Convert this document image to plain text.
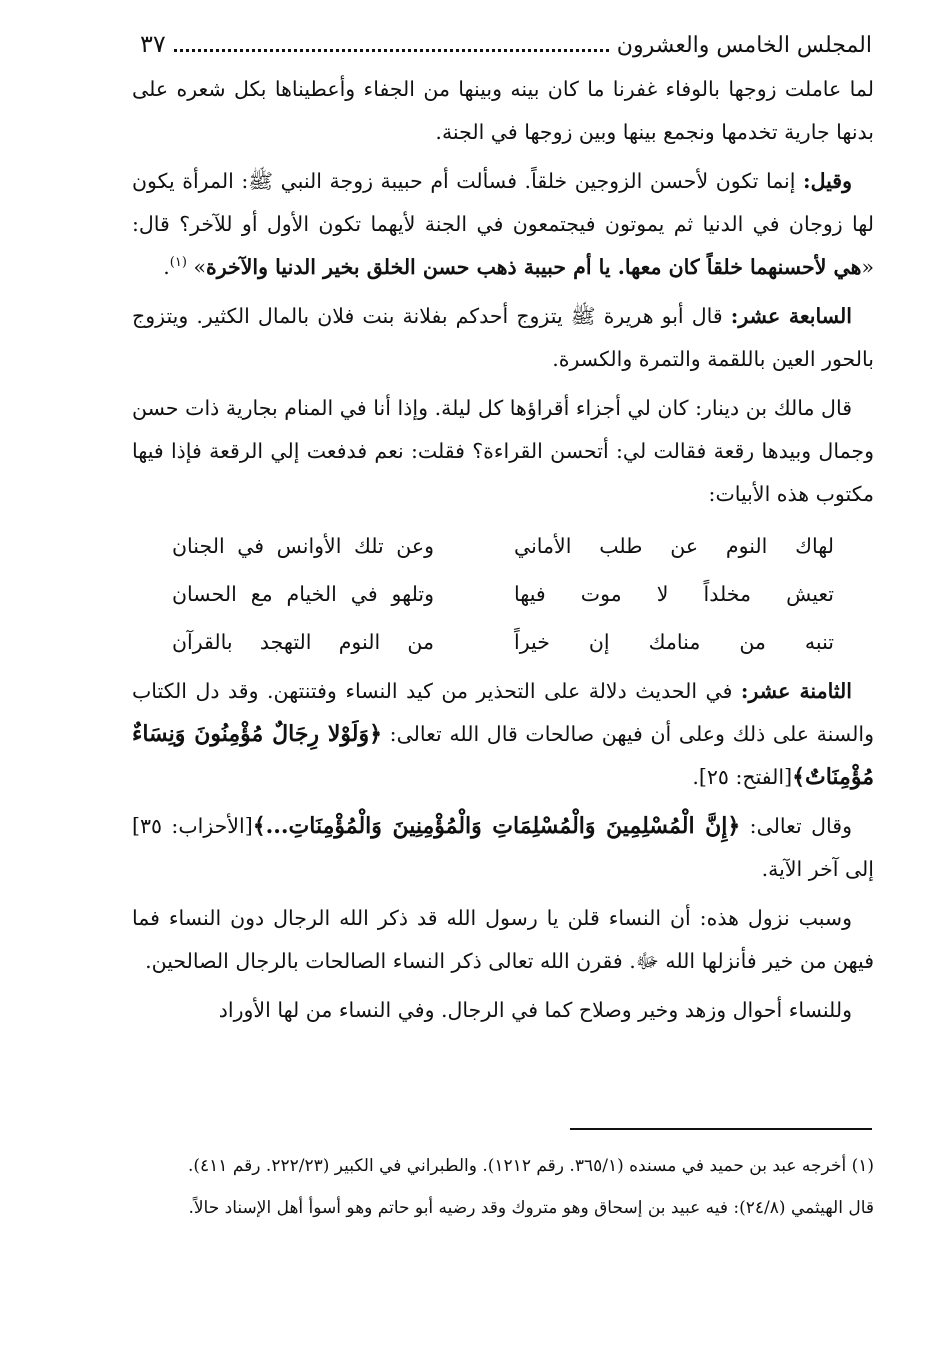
المجلس الخامس والعشرون
٣٧

لما عاملت زوجها بالوفاء غفرنا ما كان بينه وبينها من الجفاء وأعطيناها بكل شعره على بدنها جارية تخدمها ونجمع بينها وبين زوجها في الجنة.

وقيل: إنما تكون لأحسن الزوجين خلقاً. فسألت أم حبيبة زوجة النبي ﷺ: المرأة يكون لها زوجان في الدنيا ثم يموتون فيجتمعون في الجنة لأيهما تكون الأول أو للآخر؟ قال: «هي لأحسنهما خلقاً كان معها. يا أم حبيبة ذهب حسن الخلق بخير الدنيا والآخرة» $^{(١)}$.

السابعة عشر: قال أبو هريرة ﷺ يتزوج أحدكم بفلانة بنت فلان بالمال الكثير. ويتزوج بالحور العين باللقمة والتمرة والكسرة.

قال مالك بن دينار: كان لي أجزاء أقراؤها كل ليلة. وإذا أنا في المنام بجارية ذات حسن وجمال وبيدها رقعة فقالت لي: أتحسن القراءة؟ فقلت: نعم فدفعت إلي الرقعة فإذا فيها مكتوب هذه الأبيات:

لهاك النوم عن طلب الأماني
وعن تلك الأوانس في الجنان
تعيش مخلداً لا موت فيها
وتلهو في الخيام مع الحسان
تنبه من منامك إن خيراً
من النوم التهجد بالقرآن

الثامنة عشر: في الحديث دلالة على التحذير من كيد النساء وفتنتهن. وقد دل الكتاب والسنة على ذلك وعلى أن فيهن صالحات قال الله تعالى: ﴿وَلَوْلا رِجَالٌ مُؤْمِنُونَ وَنِسَاءٌ مُؤْمِنَاتٌ﴾[الفتح: ٢٥].

وقال تعالى: ﴿إِنَّ الْمُسْلِمِينَ وَالْمُسْلِمَاتِ وَالْمُؤْمِنِينَ وَالْمُؤْمِنَاتِ...﴾[الأحزاب: ٣٥] إلى آخر الآية.

وسبب نزول هذه: أن النساء قلن يا رسول الله قد ذكر الله الرجال دون النساء فما فيهن من خير فأنزلها الله ﷻ. فقرن الله تعالى ذكر النساء الصالحات بالرجال الصالحين.

وللنساء أحوال وزهد وخير وصلاح كما في الرجال. وفي النساء من لها الأوراد

(١) أخرجه عبد بن حميد في مسنده (٣٦٥/١. رقم ١٢١٢). والطبراني في الكبير (٢٢٢/٢٣. رقم ٤١١).

قال الهيثمي (٢٤/٨): فيه عبيد بن إسحاق وهو متروك وقد رضيه أبو حاتم وهو أسوأ أهل الإسناد حالاً.
